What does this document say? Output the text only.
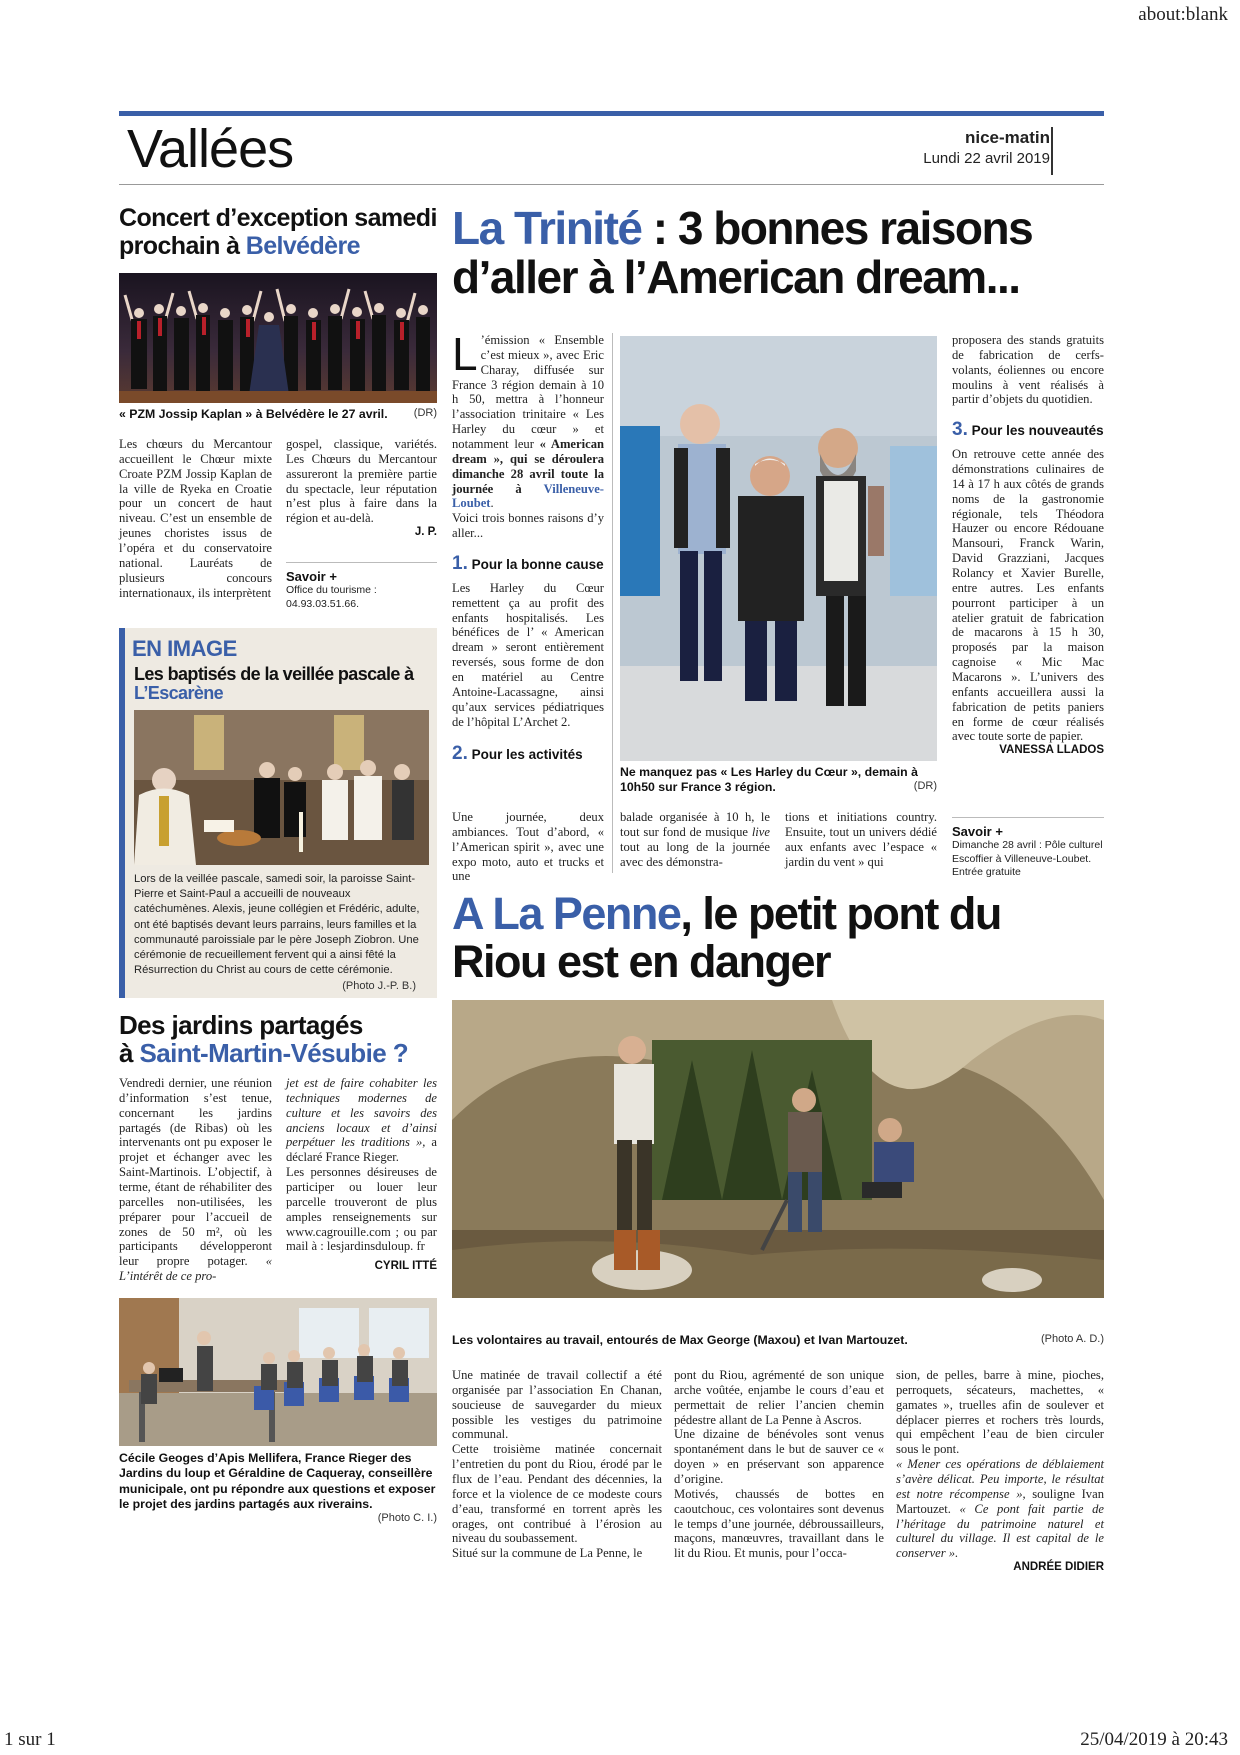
about:blank
1 sur 1	25/04/2019 à 20:43
Vallées	nice-matin
Lundi 22 avril 2019
Concert d’exception samedi prochain à Belvédère
« PZM Jossip Kaplan » à Belvédère le 27 avril. (DR)

Les chœurs du Mercantour accueillent le Chœur mixte Croate PZM Jossip Kaplan de la ville de Ryeka en Croatie pour un concert de haut niveau. C’est un ensemble de jeunes choristes issus de l’opéra et du conservatoire national. Lauréats de plusieurs concours internationaux, ils interprètent

gospel, classique, variétés. Les Chœurs du Mercantour assureront la première partie du spectacle, leur réputation n’est plus à faire dans la région et au-delà.

J. P.
Savoir +
Office du tourisme : 04.93.03.51.66.
EN IMAGE
Les baptisés de la veillée pascale à L’Escarène
Lors de la veillée pascale, samedi soir, la paroisse Saint-Pierre et Saint-Paul a accueilli de nouveaux catéchumènes. Alexis, jeune collégien et Frédéric, adulte, ont été baptisés devant leurs parrains, leurs familles et la communauté paroissiale par le père Joseph Ziobron. Une cérémonie de recueillement fervent qui a ainsi fêté la Résurrection du Christ au cours de cette cérémonie.
(Photo J.-P. B.)
Des jardins partagés
à Saint-Martin-Vésubie ?

Vendredi dernier, une réunion d’information s’est tenue, concernant les jardins partagés (de Ribas) où les intervenants ont pu exposer le projet et échanger avec les Saint-Martinois. L’objectif, à terme, étant de réhabiliter des parcelles non-utilisées, les préparer pour l’accueil de zones de 50 m², où les participants développeront leur propre potager. « L’intérêt de ce pro-

jet est de faire cohabiter les techniques modernes de culture et les savoirs des anciens locaux et d’ainsi perpétuer les traditions », a déclaré France Rieger.

Les personnes désireuses de participer ou louer leur parcelle trouveront de plus amples renseignements sur www.cagrouille.com ; ou par mail à : lesjardinsduloup. fr

CYRIL ITTÉ
Cécile Geoges d’Apis Mellifera, France Rieger des Jardins du loup et Géraldine de Caqueray, conseillère municipale, ont pu répondre aux questions et exposer le projet des jardins partagés aux riverains.
(Photo C. I.)
La Trinité : 3 bonnes raisons d’aller à l’American dream...

L ’émission « Ensemble c’est mieux », avec Eric Charay, diffusée sur France 3 région demain à 10 h 50, mettra à l’honneur l’association trinitaire « Les Harley du cœur » et notamment leur « American dream », qui se déroulera dimanche 28 avril toute la journée à Villeneuve-Loubet.

Voici trois bonnes raisons d’y aller...

1. Pour la bonne cause

Les Harley du Cœur remettent ça au profit des enfants hospitalisés. Les bénéfices de l’ « American dream » seront entièrement reversés, sous forme de don en matériel au Centre Antoine-Lacassagne, ainsi qu’aux services pédiatriques de l’hôpital L’Archet 2.

2. Pour les activités

Une journée, deux ambiances. Tout d’abord, « l’American spirit », avec une expo moto, auto et trucks et une

Ne manquez pas « Les Harley du Cœur », demain à 10h50 sur France 3 région.	(DR)

balade organisée à 10 h, le tout sur fond de musique live tout au long de la journée avec des démonstra-

tions et initiations country. Ensuite, tout un univers dédié aux enfants avec l’espace « jardin du vent » qui

proposera des stands gratuits de fabrication de cerfs-volants, éoliennes ou encore moulins à vent réalisés à partir d’objets du quotidien.

3. Pour les nouveautés

On retrouve cette année des démonstrations culinaires de 14 à 17 h aux côtés de grands noms de la gastronomie régionale, tels Théodora Hauzer ou encore Rédouane Mansouri, Franck Warin, David Grazziani, Jacques Rolancy et Xavier Burelle, entre autres. Les enfants pourront participer à un atelier gratuit de fabrication de macarons à 15 h 30, proposés par la maison cagnoise « Mic Mac Macarons ». L’univers des enfants accueillera aussi la fabrication de petits paniers en forme de cœur réalisés avec toute sorte de papier.

VANESSA LLADOS
Savoir +
Dimanche 28 avril : Pôle culturel Escoffier à Villeneuve-Loubet. Entrée gratuite
A La Penne, le petit pont du Riou est en danger
Les volontaires au travail, entourés de Max George (Maxou) et Ivan Martouzet.	(Photo A. D.)

Une matinée de travail collectif a été organisée par l’association En Chanan, soucieuse de sauvegarder du mieux possible les vestiges du patrimoine communal.

Cette troisième matinée concernait l’entretien du pont du Riou, érodé par le flux de l’eau. Pendant des décennies, la force et la violence de ce modeste cours d’eau, transformé en torrent après les orages, ont contribué à l’érosion au niveau du soubassement.

Situé sur la commune de La Penne, le

pont du Riou, agrémenté de son unique arche voûtée, enjambe le cours d’eau et permettait de relier l’ancien chemin pédestre allant de La Penne à Ascros.

Une dizaine de bénévoles sont venus spontanément dans le but de sauver ce « doyen » en préservant son apparence d’origine.

Motivés, chaussés de bottes en caoutchouc, ces volontaires sont devenus le temps d’une journée, débroussailleurs, maçons, manœuvres, travaillant dans le lit du Riou. Et munis, pour l’occa-

sion, de pelles, barre à mine, pioches, perroquets, sécateurs, machettes, « gamates », truelles afin de soulever et déplacer pierres et rochers très lourds, qui empêchent l’eau de bien circuler sous le pont.

« Mener ces opérations de déblaiement s’avère délicat. Peu importe, le résultat est notre récompense », souligne Ivan Martouzet. « Ce pont fait partie de l’héritage du patrimoine naturel et culturel du village. Il est capital de le conserver ».

ANDRÉE DIDIER
